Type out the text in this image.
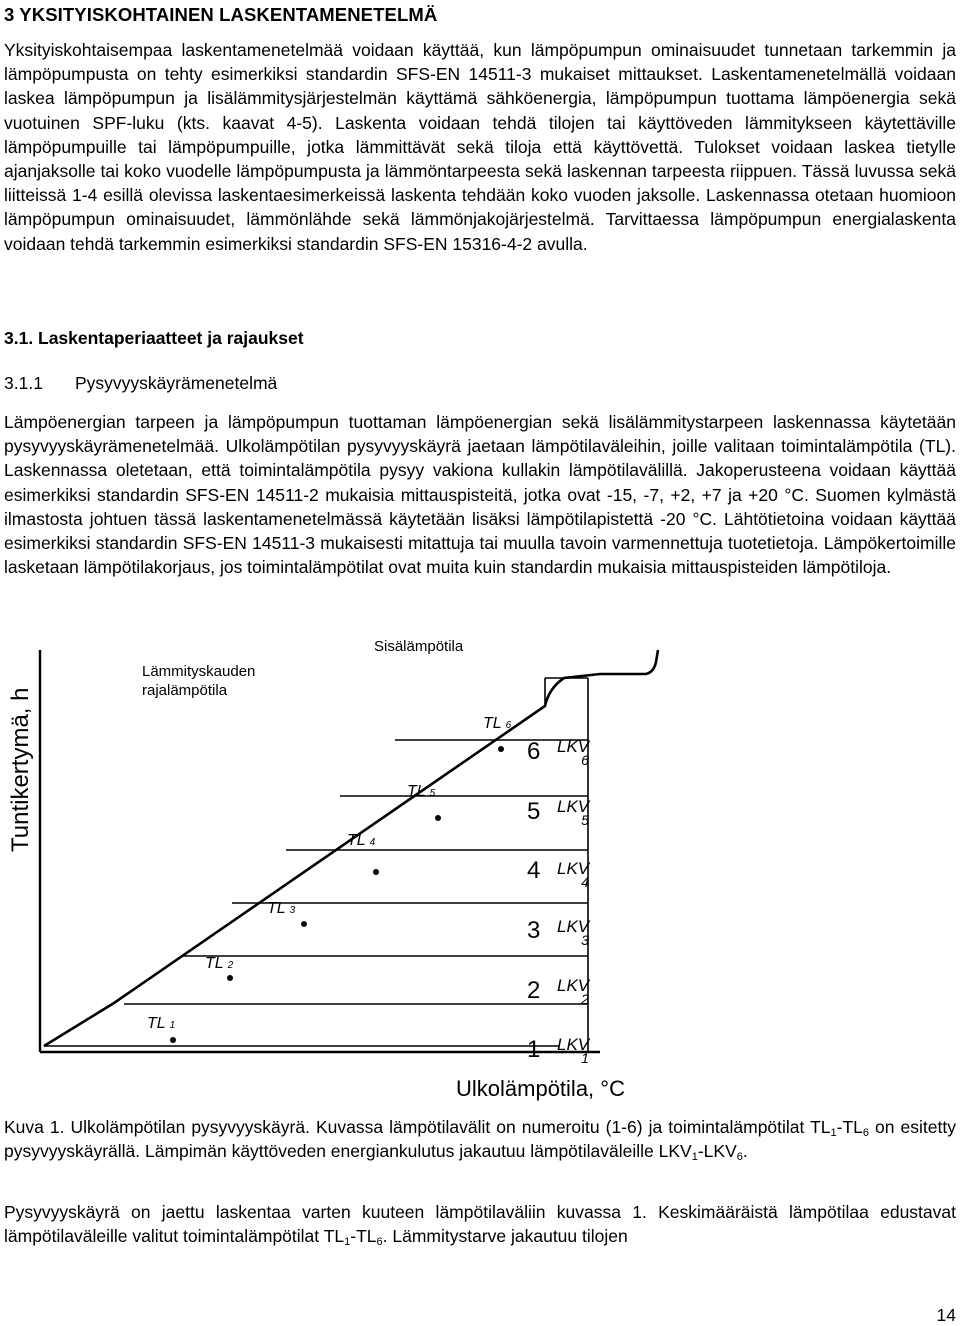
3 YKSITYISKOHTAINEN LASKENTAMENETELMÄ

Yksityiskohtaisempaa laskentamenetelmää voidaan käyttää, kun lämpöpumpun ominaisuudet tunnetaan tarkemmin ja lämpöpumpusta on tehty esimerkiksi standardin SFS-EN 14511-3 mukaiset mittaukset. Laskentamenetelmällä voidaan laskea lämpöpumpun ja lisälämmitysjärjestelmän käyttämä sähköenergia, lämpöpumpun tuottama lämpöenergia sekä vuotuinen SPF-luku (kts. kaavat 4-5). Laskenta voidaan tehdä tilojen tai käyttöveden lämmitykseen käytettäville lämpöpumpuille tai lämpöpumpuille, jotka lämmittävät sekä tiloja että käyttövettä. Tulokset voidaan laskea tietylle ajanjaksolle tai koko vuodelle lämpöpumpusta ja lämmöntarpeesta sekä laskennan tarpeesta riippuen. Tässä luvussa sekä liitteissä 1-4 esillä olevissa laskentaesimerkeissä laskenta tehdään koko vuoden jaksolle. Laskennassa otetaan huomioon lämpöpumpun ominaisuudet, lämmönlähde sekä lämmönjakojärjestelmä. Tarvittaessa lämpöpumpun energialaskenta voidaan tehdä tarkemmin esimerkiksi standardin SFS-EN 15316-4-2 avulla.

3.1. Laskentaperiaatteet ja rajaukset

3.1.1 Pysyvyyskäyrämenetelmä

Lämpöenergian tarpeen ja lämpöpumpun tuottaman lämpöenergian sekä lisälämmitystarpeen laskennassa käytetään pysyvyyskäyrämenetelmää. Ulkolämpötilan pysyvyyskäyrä jaetaan lämpötilaväleihin, joille valitaan toimintalämpötila (TL). Laskennassa oletetaan, että toimintalämpötila pysyy vakiona kullakin lämpötilavälillä. Jakoperusteena voidaan käyttää esimerkiksi standardin SFS-EN 14511-2 mukaisia mittauspisteitä, jotka ovat -15, -7, +2, +7 ja +20 °C. Suomen kylmästä ilmastosta johtuen tässä laskentamenetelmässä käytetään lisäksi lämpötilapistettä -20 °C. Lähtötietoina voidaan käyttää esimerkiksi standardin SFS-EN 14511-3 mukaisesti mitattuja tai muulla tavoin varmennettuja tuotetietoja. Lämpökertoimille lasketaan lämpötilakorjaus, jos toimintalämpötilat ovat muita kuin standardin mukaisia mittauspisteiden lämpötiloja.

Tuntikertymä, h
Ulkolämpötila, °C
Lämmityskauden
rajalämpötila
Sisälämpötila
TL 1
TL 2
TL 3
TL 4
TL 5
TL 6
1
2
3
4
5
6
LKV 1
LKV 2
LKV 3
LKV 4
LKV 5
LKV 6

Kuva 1. Ulkolämpötilan pysyvyyskäyrä. Kuvassa lämpötilavälit on numeroitu (1-6) ja toimintalämpötilat $TL_1-TL_6$ on esitetty pysyvyyskäyrällä. Lämpimän käyttöveden energiankulutus jakautuu lämpötilaväleille $LKV_1-LKV_6$.

Pysyvyyskäyrä on jaettu laskentaa varten kuuteen lämpötilaväliin kuvassa 1. Keskimääräistä lämpötilaa edustavat lämpötilaväleille valitut toimintalämpötilat $TL_1-TL_6$. Lämmitystarve jakautuu tilojen

14
